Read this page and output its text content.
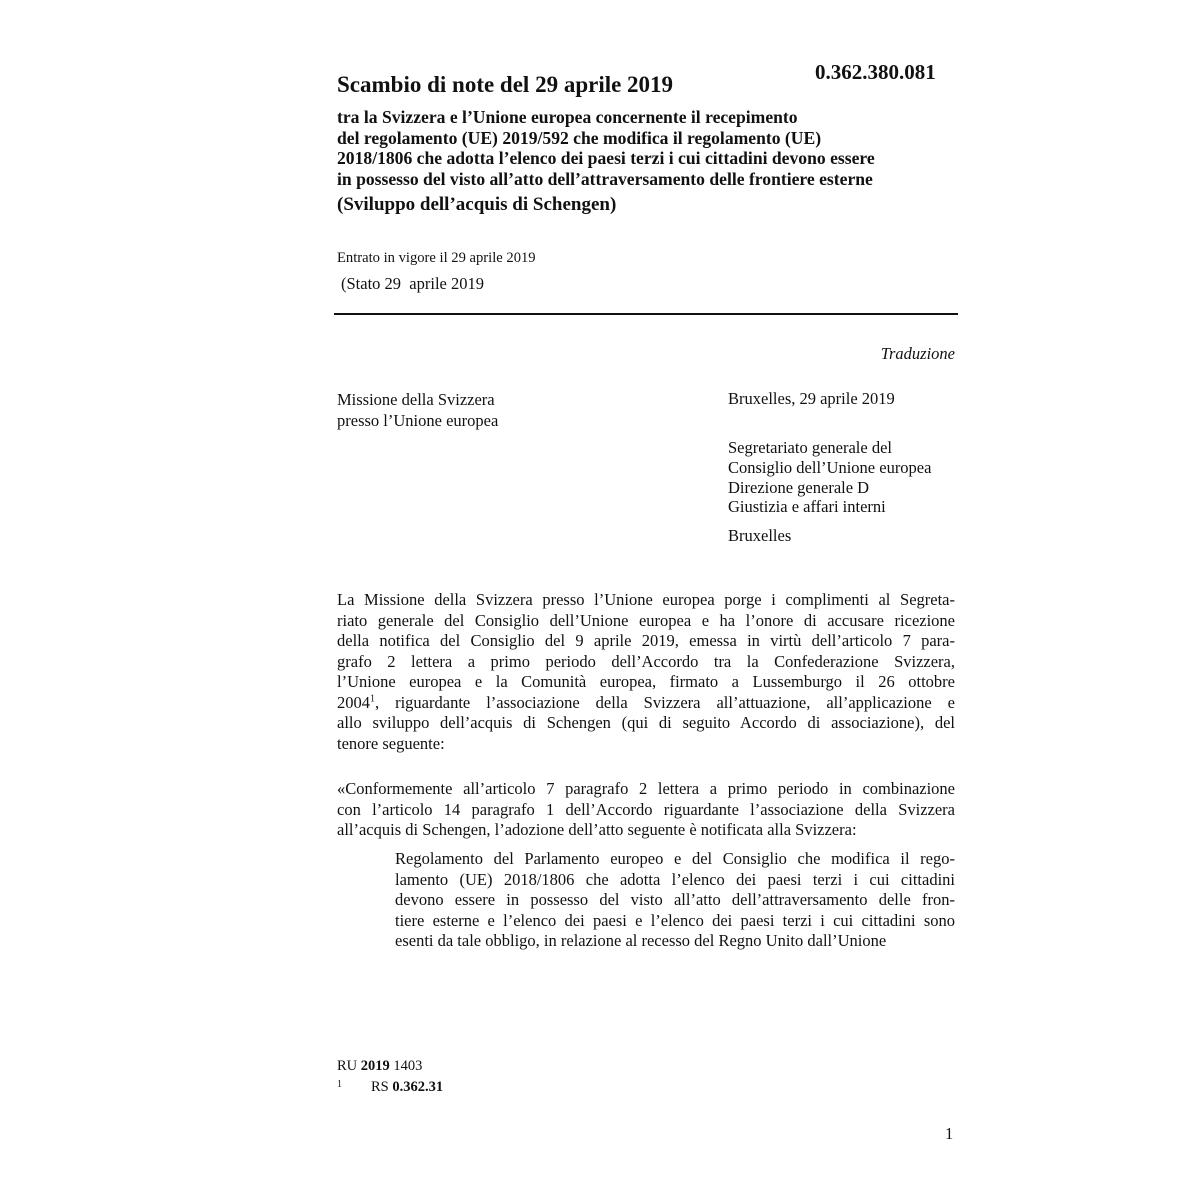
0.362.380.081
Scambio di note del 29 aprile 2019
tra la Svizzera e l’Unione europea concernente il recepimento
del regolamento (UE) 2019/592 che modifica il regolamento (UE)
2018/1806 che adotta l’elenco dei paesi terzi i cui cittadini devono essere
in possesso del visto all’atto dell’attraversamento delle frontiere esterne
(Sviluppo dell’acquis di Schengen)
Entrato in vigore il 29 aprile 2019
(Stato 29  aprile 2019
Traduzione
Missione della Svizzera
presso l’Unione europea
Bruxelles, 29 aprile 2019
Segretariato generale del
Consiglio dell’Unione europea
Direzione generale D
Giustizia e affari interni
Bruxelles
La Missione della Svizzera presso l’Unione europea porge i complimenti al Segreta-
riato generale del Consiglio dell’Unione europea e ha l’onore di accusare ricezione
della notifica del Consiglio del 9 aprile 2019, emessa in virtù dell’articolo 7 para-
grafo 2 lettera a primo periodo dell’Accordo tra la Confederazione Svizzera,
l’Unione europea e la Comunità europea, firmato a Lussemburgo il 26 ottobre
2004$^1$, riguardante l’associazione della Svizzera all’attuazione, all’applicazione e
allo sviluppo dell’acquis di Schengen (qui di seguito Accordo di associazione), del
tenore seguente:
«Conformemente all’articolo 7 paragrafo 2 lettera a primo periodo in combinazione
con l’articolo 14 paragrafo 1 dell’Accordo riguardante l’associazione della Svizzera
all’acquis di Schengen, l’adozione dell’atto seguente è notificata alla Svizzera:
Regolamento del Parlamento europeo e del Consiglio che modifica il rego-
lamento (UE) 2018/1806 che adotta l’elenco dei paesi terzi i cui cittadini
devono essere in possesso del visto all’atto dell’attraversamento delle fron-
tiere esterne e l’elenco dei paesi e l’elenco dei paesi terzi i cui cittadini sono
esenti da tale obbligo, in relazione al recesso del Regno Unito dall’Unione
RU 2019 1403
1 RS 0.362.31
1
